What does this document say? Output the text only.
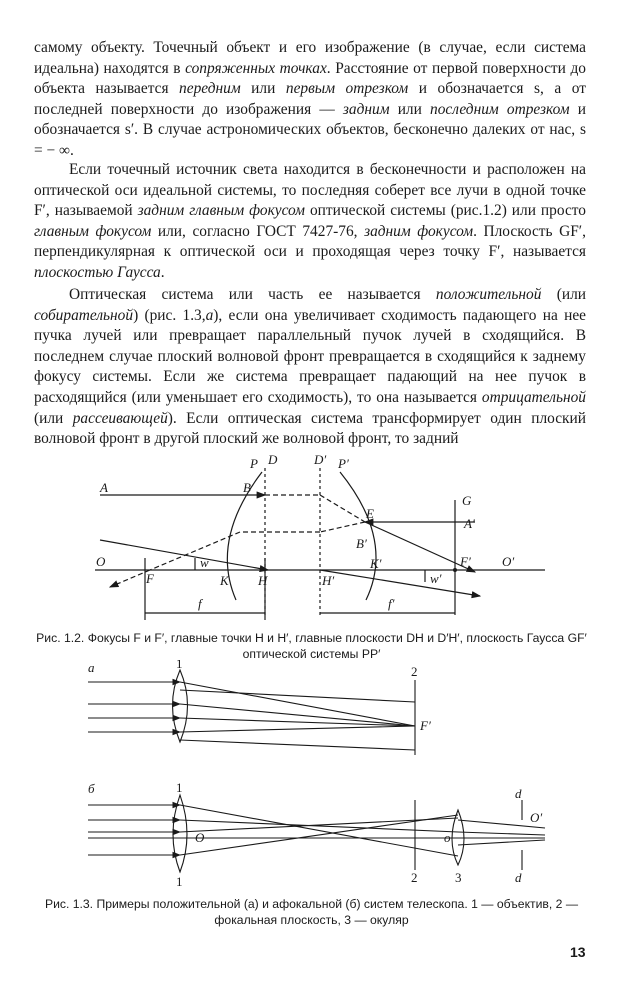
самому объекту. Точечный объект и его изображение (в случае, если система идеальна) находятся в сопряженных точках. Расстояние от первой поверхности до объекта называется передним или первым отрезком и обозначается s, а от последней поверхности до изображения — задним или последним отрезком и обозначается s′. В случае астрономических объектов, бесконечно далеких от нас, s = − ∞.

Если точечный источник света находится в бесконечности и расположен на оптической оси идеальной системы, то последняя соберет все лучи в одной точке F′, называемой задним главным фокусом оптической системы (рис.1.2) или просто главным фокусом или, согласно ГОСТ 7427-76, задним фокусом. Плоскость GF′, перпендикулярная к оптической оси и проходящая через точку F′, называется плоскостью Гаусса.

Оптическая система или часть ее называется положительной (или собирательной) (рис. 1.3,а), если она увеличивает сходимость падающего на нее пучка лучей или превращает параллельный пучок лучей в сходящийся. В последнем случае плоский волновой фронт превращается в сходящийся к заднему фокусу системы. Если же система превращает падающий на нее пучок в расходящийся (или уменьшает его сходимость), то она называется отрицательной (или рассеивающей). Если оптическая система трансформирует один плоский волновой фронт в другой плоский же волновой фронт, то задний

A	B
P D	D′ P′
E
G
A′
B′
O	O′
F
F′
K
K′
H	H′
w
w′
f	f′
Рис. 1.2. Фокусы F и F′, главные точки H и H′, главные плоскости DH и D′H′, плоскость Гаусса GF′ оптической системы PP′
а	1
2
F′
б	1
1
O
2
o
3
d
d
O′
Рис. 1.3. Примеры положительной (а) и афокальной (б) систем телескопа. 1 — объектив, 2 — фокальная плоскость, 3 — окуляр
13
